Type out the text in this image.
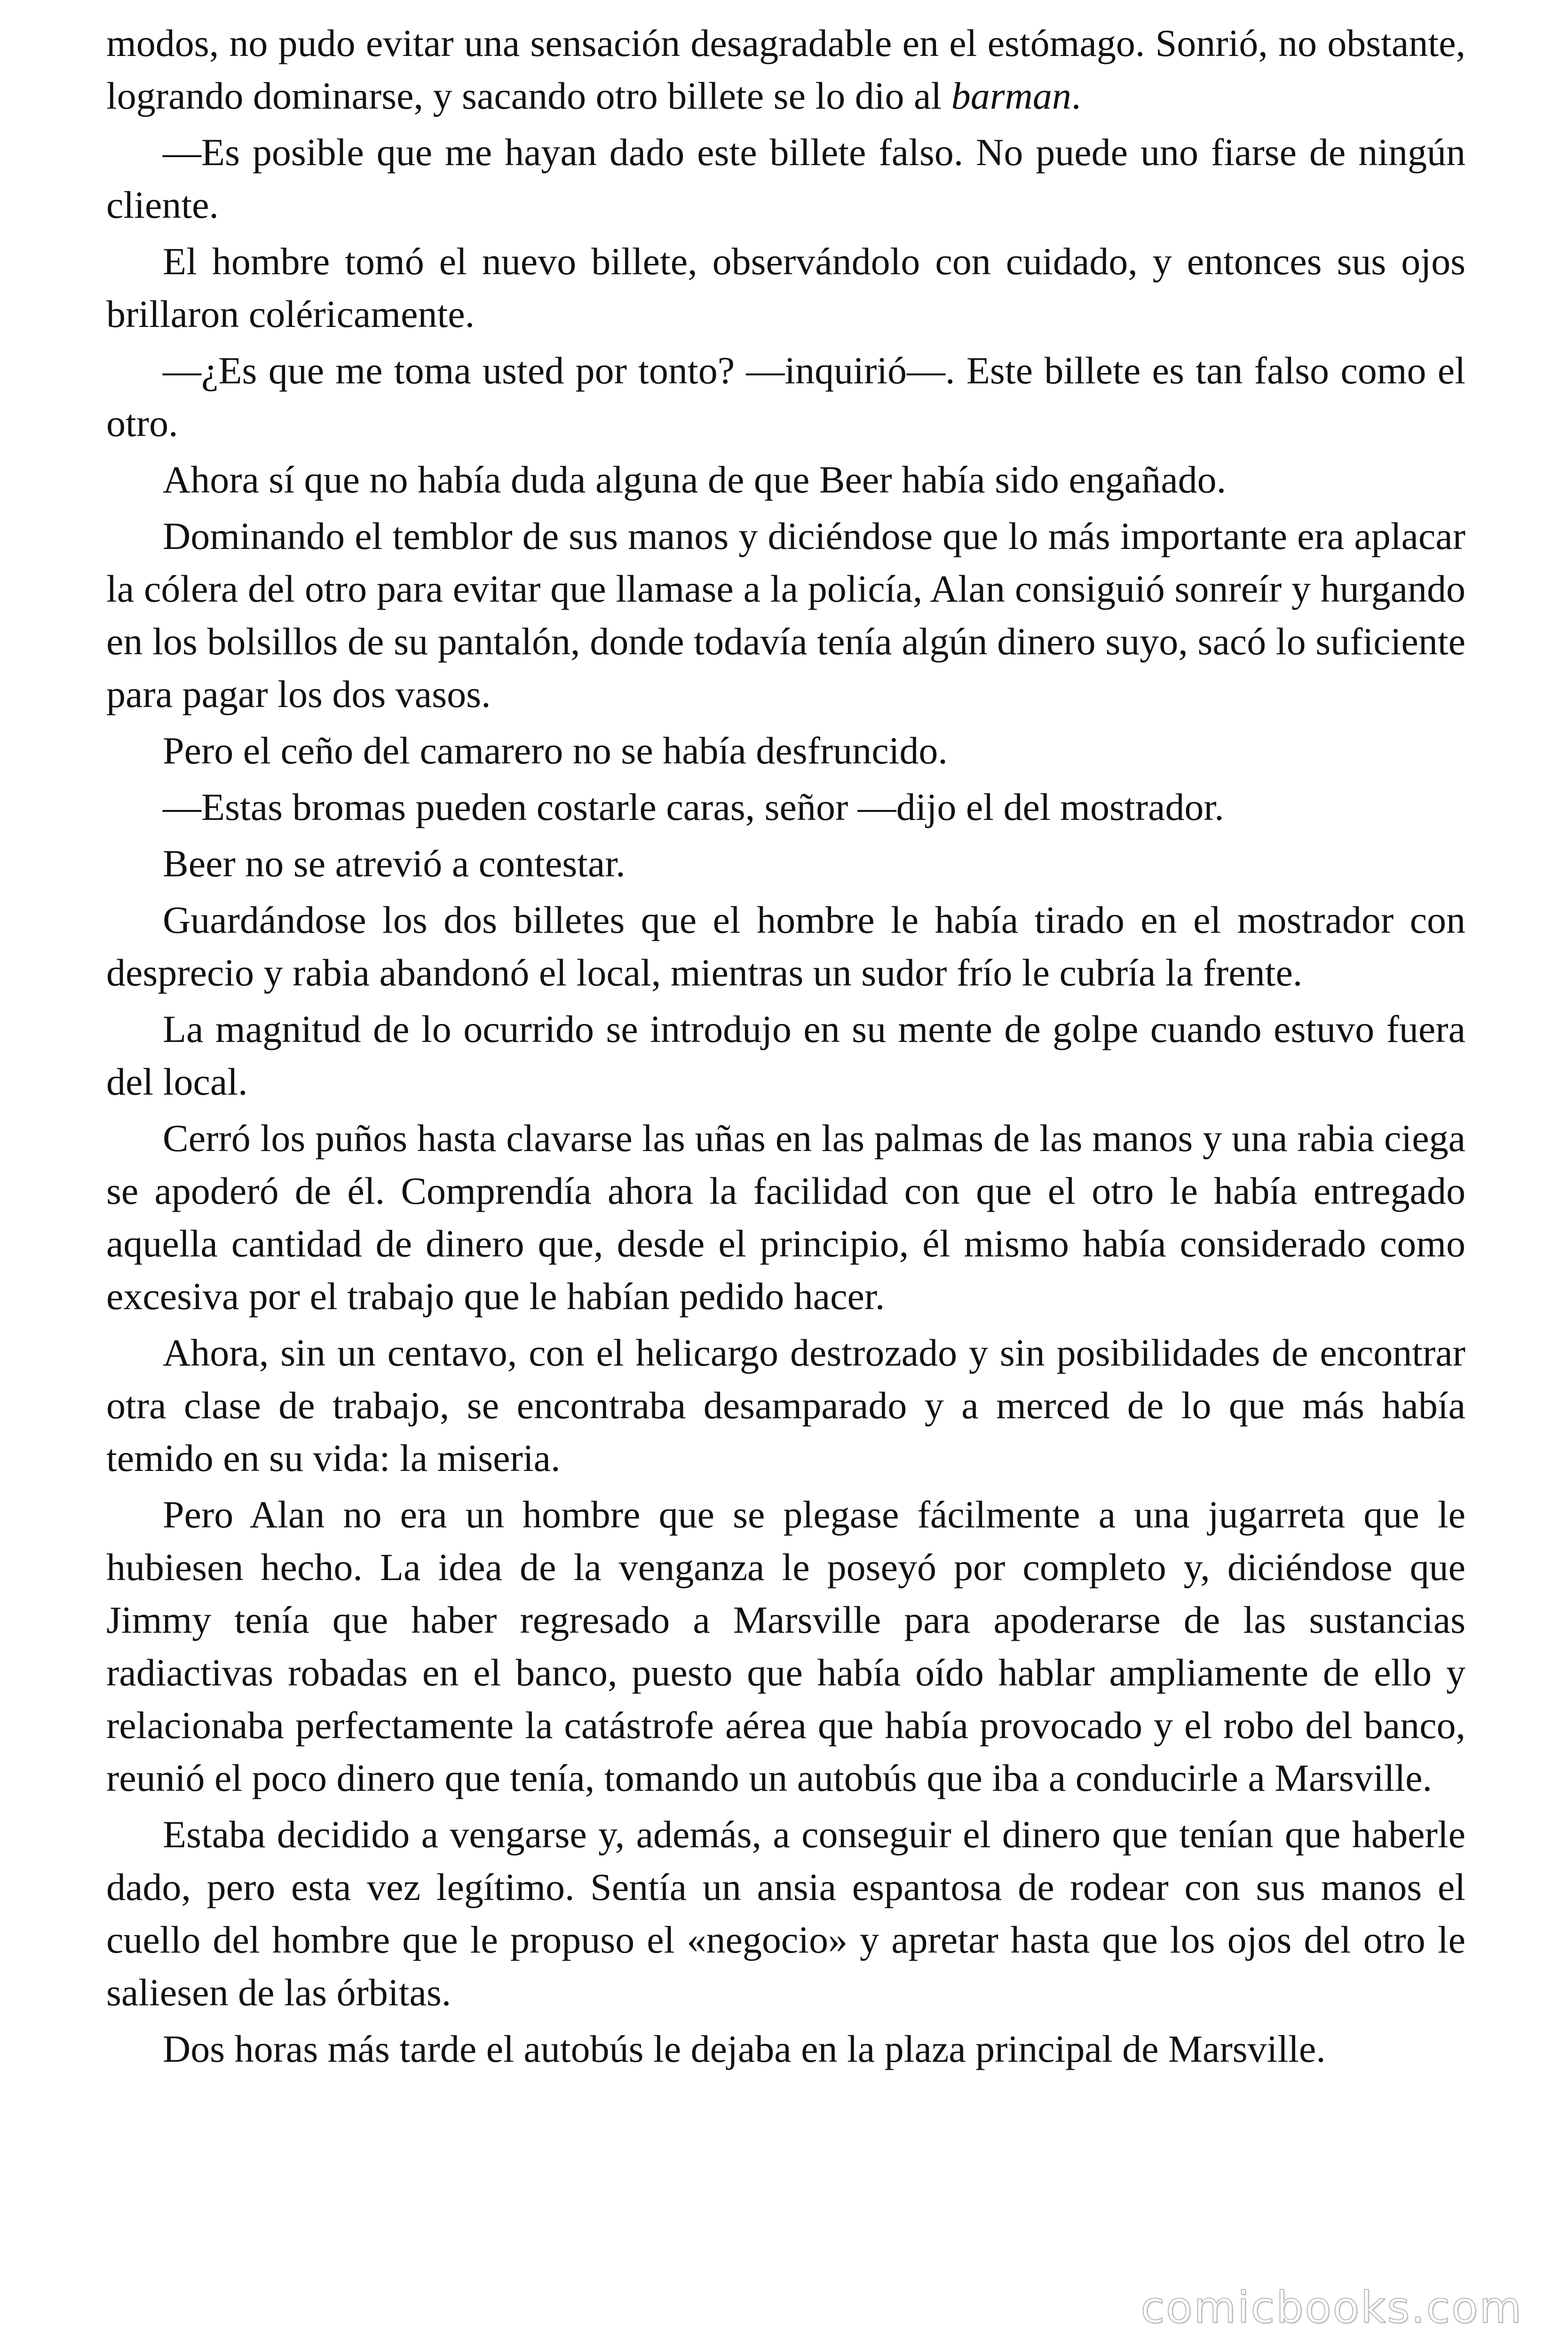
modos, no pudo evitar una sensación desagradable en el estómago. Sonrió, no obstante, logrando dominarse, y sacando otro billete se lo dio al barman.

—Es posible que me hayan dado este billete falso. No puede uno fiarse de ningún cliente.

El hombre tomó el nuevo billete, observándolo con cuidado, y entonces sus ojos brillaron coléricamente.

—¿Es que me toma usted por tonto? —inquirió—. Este billete es tan falso como el otro.

Ahora sí que no había duda alguna de que Beer había sido engañado.

Dominando el temblor de sus manos y diciéndose que lo más importante era aplacar la cólera del otro para evitar que llamase a la policía, Alan consiguió sonreír y hurgando en los bolsillos de su pantalón, donde todavía tenía algún dinero suyo, sacó lo suficiente para pagar los dos vasos.

Pero el ceño del camarero no se había desfruncido.

—Estas bromas pueden costarle caras, señor —dijo el del mostrador.

Beer no se atrevió a contestar.

Guardándose los dos billetes que el hombre le había tirado en el mostrador con desprecio y rabia abandonó el local, mientras un sudor frío le cubría la frente.

La magnitud de lo ocurrido se introdujo en su mente de golpe cuando estuvo fuera del local.

Cerró los puños hasta clavarse las uñas en las palmas de las manos y una rabia ciega se apoderó de él. Comprendía ahora la facilidad con que el otro le había entregado aquella cantidad de dinero que, desde el principio, él mismo había considerado como excesiva por el trabajo que le habían pedido hacer.

Ahora, sin un centavo, con el helicargo destrozado y sin posibilidades de encontrar otra clase de trabajo, se encontraba desamparado y a merced de lo que más había temido en su vida: la miseria.

Pero Alan no era un hombre que se plegase fácilmente a una jugarreta que le hubiesen hecho. La idea de la venganza le poseyó por completo y, diciéndose que Jimmy tenía que haber regresado a Marsville para apoderarse de las sustancias radiactivas robadas en el banco, puesto que había oído hablar ampliamente de ello y relacionaba perfectamente la catástrofe aérea que había provocado y el robo del banco, reunió el poco dinero que tenía, tomando un autobús que iba a conducirle a Marsville.

Estaba decidido a vengarse y, además, a conseguir el dinero que tenían que haberle dado, pero esta vez legítimo. Sentía un ansia espantosa de rodear con sus manos el cuello del hombre que le propuso el «negocio» y apretar hasta que los ojos del otro le saliesen de las órbitas.

Dos horas más tarde el autobús le dejaba en la plaza principal de Marsville.

comicbooks.com
